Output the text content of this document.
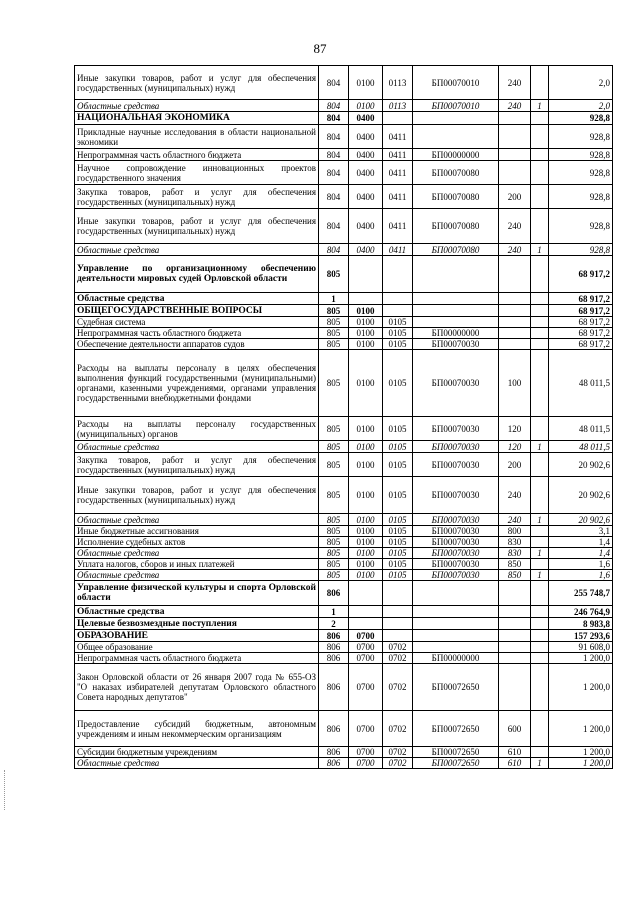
87
Иные закупки товаров, работ и услуг для обеспечения государственных (муниципальных) нужд	804	0100	0113	БП00070010	240		2,0
Областные средства	804	0100	0113	БП00070010	240	1	2,0
НАЦИОНАЛЬНАЯ ЭКОНОМИКА	804	0400					928,8
Прикладные научные исследования в области национальной экономики	804	0400	0411				928,8
Непрограммная часть областного бюджета	804	0400	0411	БП00000000			928,8
Научное сопровождение инновационных проектов государственного значения	804	0400	0411	БП00070080			928,8
Закупка товаров, работ и услуг для обеспечения государственных (муниципальных) нужд	804	0400	0411	БП00070080	200		928,8
Иные закупки товаров, работ и услуг для обеспечения государственных (муниципальных) нужд	804	0400	0411	БП00070080	240		928,8
Областные средства	804	0400	0411	БП00070080	240	1	928,8
Управление по организационному обеспечению деятельности мировых судей Орловской области	805						68 917,2
Областные средства	1						68 917,2
ОБЩЕГОСУДАРСТВЕННЫЕ ВОПРОСЫ	805	0100					68 917,2
Судебная система	805	0100	0105				68 917,2
Непрограммная часть областного бюджета	805	0100	0105	БП00000000			68 917,2
Обеспечение деятельности аппаратов судов	805	0100	0105	БП00070030			68 917,2
Расходы на выплаты персоналу в целях обеспечения выполнения функций государственными (муниципальными) органами, казенными учреждениями, органами управления государственными внебюджетными фондами	805	0100	0105	БП00070030	100		48 011,5
Расходы на выплаты персоналу государственных (муниципальных) органов	805	0100	0105	БП00070030	120		48 011,5
Областные средства	805	0100	0105	БП00070030	120	1	48 011,5
Закупка товаров, работ и услуг для обеспечения государственных (муниципальных) нужд	805	0100	0105	БП00070030	200		20 902,6
Иные закупки товаров, работ и услуг для обеспечения государственных (муниципальных) нужд	805	0100	0105	БП00070030	240		20 902,6
Областные средства	805	0100	0105	БП00070030	240	1	20 902,6
Иные бюджетные ассигнования	805	0100	0105	БП00070030	800		3,1
Исполнение судебных актов	805	0100	0105	БП00070030	830		1,4
Областные средства	805	0100	0105	БП00070030	830	1	1,4
Уплата налогов, сборов и иных платежей	805	0100	0105	БП00070030	850		1,6
Областные средства	805	0100	0105	БП00070030	850	1	1,6
Управление физической культуры и спорта Орловской области	806						255 748,7
Областные средства	1						246 764,9
Целевые безвозмездные поступления	2						8 983,8
ОБРАЗОВАНИЕ	806	0700					157 293,6
Общее образование	806	0700	0702				91 608,0
Непрограммная часть областного бюджета	806	0700	0702	БП00000000			1 200,0
Закон Орловской области от 26 января 2007 года № 655-ОЗ "О наказах избирателей депутатам Орловского областного Совета народных депутатов"	806	0700	0702	БП00072650			1 200,0
Предоставление субсидий бюджетным, автономным учреждениям и иным некоммерческим организациям	806	0700	0702	БП00072650	600		1 200,0
Субсидии бюджетным учреждениям	806	0700	0702	БП00072650	610		1 200,0
Областные средства	806	0700	0702	БП00072650	610	1	1 200,0
